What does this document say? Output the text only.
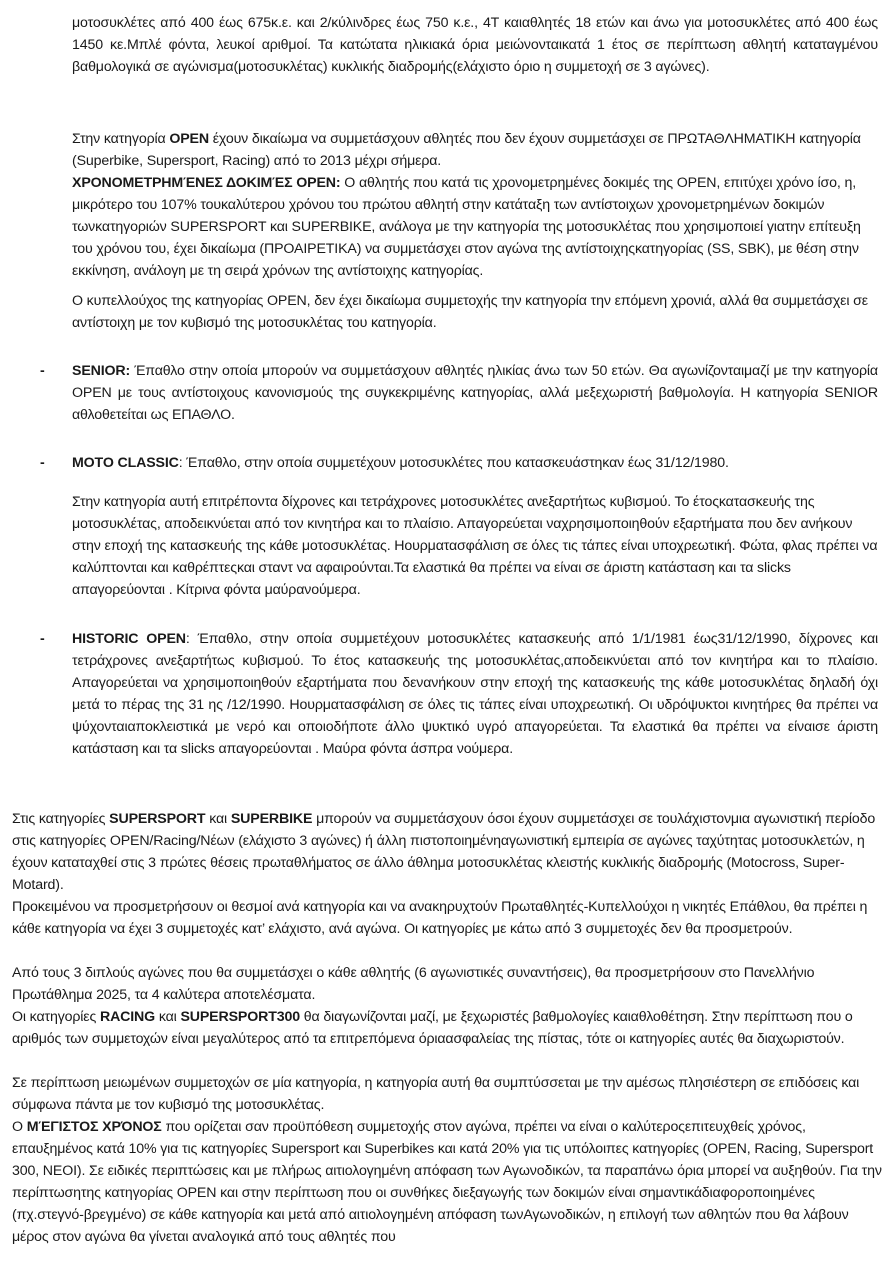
μοτοσυκλέτες από 400 έως 675κ.ε. και 2/κύλινδρες έως 750 κ.ε., 4Τ καιαθλητές 18 ετών και άνω για μοτοσυκλέτες από 400 έως 1450 κε.Μπλέ φόντα, λευκοί αριθμοί. Τα κατώτατα ηλικιακά όρια μειώνονταικατά 1 έτος σε περίπτωση αθλητή καταταγμένου βαθμολογικά σε αγώνισμα(μοτοσυκλέτας) κυκλικής διαδρομής(ελάχιστο όριο η συμμετοχή σε 3 αγώνες).

Στην κατηγορία OPEN έχουν δικαίωμα να συμμετάσχουν αθλητές που δεν έχουν συμμετάσχει σε ΠΡΩΤΑΘΛΗΜΑΤΙΚΗ κατηγορία (Superbike, Supersport, Racing) από το 2013 μέχρι σήμερα.

ΧΡΟΝΟΜΕΤΡΗΜΈΝΕΣ ΔΟΚΙΜΈΣ OPEN: Ο αθλητής που κατά τις χρονομετρημένες δοκιμές της OPEN, επιτύχει χρόνο ίσο, η, μικρότερο του 107% τουκαλύτερου χρόνου του πρώτου αθλητή στην κατάταξη των αντίστοιχων χρονομετρημένων δοκιμών τωνκατηγοριών SUPERSPORT και SUPERBIKE, ανάλογα με την κατηγορία της μοτοσυκλέτας που χρησιμοποιεί γιατην επίτευξη του χρόνου του, έχει δικαίωμα (ΠΡΟΑΙΡΕΤΙΚΑ) να συμμετάσχει στον αγώνα της αντίστοιχηςκατηγορίας (SS, SBK), με θέση στην εκκίνηση, ανάλογη με τη σειρά χρόνων της αντίστοιχης κατηγορίας.

Ο κυπελλούχος της κατηγορίας OPEN, δεν έχει δικαίωμα συμμετοχής την κατηγορία την επόμενη χρονιά, αλλά θα συμμετάσχει σε αντίστοιχη με τον κυβισμό της μοτοσυκλέτας του κατηγορία.

- SENIOR: Έπαθλο στην οποία μπορούν να συμμετάσχουν αθλητές ηλικίας άνω των 50 ετών. Θα αγωνίζονταιμαζί με την κατηγορία OPEN με τους αντίστοιχους κανονισμούς της συγκεκριμένης κατηγορίας, αλλά μεξεχωριστή βαθμολογία. Η κατηγορία SENIOR αθλοθετείται ως ΕΠΑΘΛΟ.

- MOTO CLASSIC: Έπαθλο, στην οποία συμμετέχουν μοτοσυκλέτες που κατασκευάστηκαν έως 31/12/1980.

Στην κατηγορία αυτή επιτρέποντα δίχρονες και τετράχρονες μοτοσυκλέτες ανεξαρτήτως κυβισμού. Το έτοςκατασκευής της μοτοσυκλέτας, αποδεικνύεται από τον κινητήρα και το πλαίσιο. Απαγορεύεται ναχρησιμοποιηθούν εξαρτήματα που δεν ανήκουν στην εποχή της κατασκευής της κάθε μοτοσυκλέτας. Ηουρματασφάλιση σε όλες τις τάπες είναι υποχρεωτική. Φώτα, φλας πρέπει να καλύπτονται και καθρέπτεςκαι σταντ να αφαιρούνται.Τα ελαστικά θα πρέπει να είναι σε άριστη κατάσταση και τα slicks απαγορεύονται . Κίτρινα φόντα μαύρανούμερα.

- HISTORIC OPEN: Έπαθλο, στην οποία συμμετέχουν μοτοσυκλέτες κατασκευής από 1/1/1981 έως31/12/1990, δίχρονες και τετράχρονες ανεξαρτήτως κυβισμού. Το έτος κατασκευής της μοτοσυκλέτας,αποδεικνύεται από τον κινητήρα και το πλαίσιο. Απαγορεύεται να χρησιμοποιηθούν εξαρτήματα που δενανήκουν στην εποχή της κατασκευής της κάθε μοτοσυκλέτας δηλαδή όχι μετά το πέρας της 31 ης /12/1990. Ηουρματασφάλιση σε όλες τις τάπες είναι υποχρεωτική. Οι υδρόψυκτοι κινητήρες θα πρέπει να ψύχονταιαποκλειστικά με νερό και οποιοδήποτε άλλο ψυκτικό υγρό απαγορεύεται. Τα ελαστικά θα πρέπει να είναισε άριστη κατάσταση και τα slicks απαγορεύονται . Μαύρα φόντα άσπρα νούμερα.

Στις κατηγορίες SUPERSPORT και SUPERBIKE μπορούν να συμμετάσχουν όσοι έχουν συμμετάσχει σε τουλάχιστονμια αγωνιστική περίοδο στις κατηγορίες OPEN/Racing/Νέων (ελάχιστο 3 αγώνες) ή άλλη πιστοποιημένηαγωνιστική εμπειρία σε αγώνες ταχύτητας μοτοσυκλετών, η έχουν καταταχθεί στις 3 πρώτες θέσεις πρωταθλήματος σε άλλο άθλημα μοτοσυκλέτας κλειστής κυκλικής διαδρομής (Motocross, Super-Motard).

Προκειμένου να προσμετρήσουν οι θεσμοί ανά κατηγορία και να ανακηρυχτούν Πρωταθλητές-Κυπελλούχοι η νικητές Επάθλου, θα πρέπει η κάθε κατηγορία να έχει 3 συμμετοχές κατ’ ελάχιστο, ανά αγώνα. Οι κατηγορίες με κάτω από 3 συμμετοχές δεν θα προσμετρούν.

Από τους 3 διπλούς αγώνες που θα συμμετάσχει ο κάθε αθλητής (6 αγωνιστικές συναντήσεις), θα προσμετρήσουν στο Πανελλήνιο Πρωτάθλημα 2025, τα 4 καλύτερα αποτελέσματα.

Οι κατηγορίες RACING και SUPERSPORT300 θα διαγωνίζονται μαζί, με ξεχωριστές βαθμολογίες καιαθλοθέτηση. Στην περίπτωση που ο αριθμός των συμμετοχών είναι μεγαλύτερος από τα επιτρεπόμενα όριαασφαλείας της πίστας, τότε οι κατηγορίες αυτές θα διαχωριστούν.

Σε περίπτωση μειωμένων συμμετοχών σε μία κατηγορία, η κατηγορία αυτή θα συμπτύσσεται με την αμέσως πλησιέστερη σε επιδόσεις και σύμφωνα πάντα με τον κυβισμό της μοτοσυκλέτας.

Ο ΜΈΓΙΣΤΟΣ ΧΡΌΝΟΣ που ορίζεται σαν προϋπόθεση συμμετοχής στον αγώνα, πρέπει να είναι ο καλύτεροςεπιτευχθείς χρόνος, επαυξημένος κατά 10% για τις κατηγορίες Supersport και Superbikes και κατά 20% για τις υπόλοιπες κατηγορίες (OPEN, Racing, Supersport 300, ΝΕΟΙ). Σε ειδικές περιπτώσεις και με πλήρως αιτιολογημένη απόφαση των Αγωνοδικών, τα παραπάνω όρια μπορεί να αυξηθούν. Για την περίπτωσητης κατηγορίας OPEN και στην περίπτωση που οι συνθήκες διεξαγωγής των δοκιμών είναι σημαντικάδιαφοροποιημένες (πχ.στεγνό-βρεγμένο) σε κάθε κατηγορία και μετά από αιτιολογημένη απόφαση τωνΑγωνοδικών, η επιλογή των αθλητών που θα λάβουν μέρος στον αγώνα θα γίνεται αναλογικά από τους αθλητές που
